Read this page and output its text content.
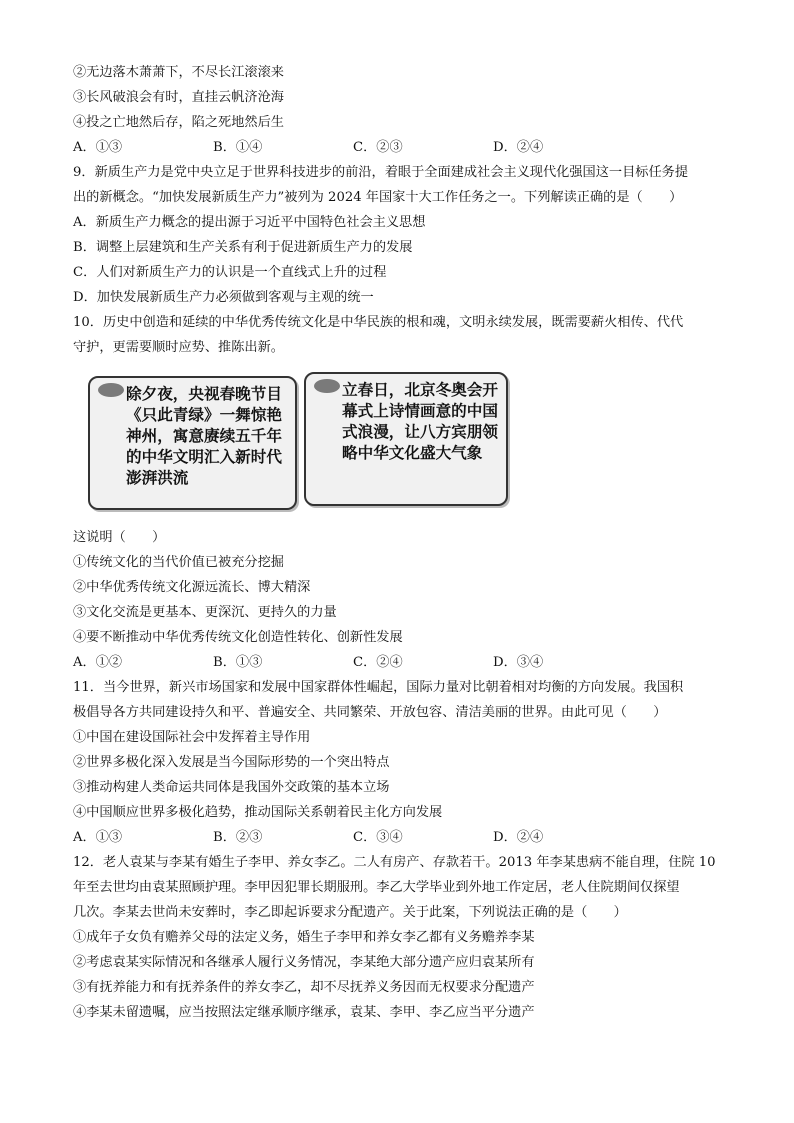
②无边落木萧萧下，不尽长江滚滚来
③长风破浪会有时，直挂云帆济沧海
④投之亡地然后存，陷之死地然后生
A．①③	B．①④	C．②③	D．②④
9．新质生产力是党中央立足于世界科技进步的前沿，着眼于全面建成社会主义现代化强国这一目标任务提
出的新概念。“加快发展新质生产力”被列为 2024 年国家十大工作任务之一。下列解读正确的是（　　）
A．新质生产力概念的提出源于习近平中国特色社会主义思想
B．调整上层建筑和生产关系有利于促进新质生产力的发展
C．人们对新质生产力的认识是一个直线式上升的过程
D．加快发展新质生产力必须做到客观与主观的统一
10．历史中创造和延续的中华优秀传统文化是中华民族的根和魂，文明永续发展，既需要薪火相传、代代
守护，更需要顺时应势、推陈出新。
除夕夜，央视春晚节目《只此青绿》一舞惊艳神州，寓意赓续五千年的中华文明汇入新时代澎湃洪流
立春日，北京冬奥会开幕式上诗情画意的中国式浪漫，让八方宾朋领略中华文化盛大气象
这说明（　　）
①传统文化的当代价值已被充分挖掘
②中华优秀传统文化源远流长、博大精深
③文化交流是更基本、更深沉、更持久的力量
④要不断推动中华优秀传统文化创造性转化、创新性发展
A．①②	B．①③	C．②④	D．③④
11．当今世界，新兴市场国家和发展中国家群体性崛起，国际力量对比朝着相对均衡的方向发展。我国积
极倡导各方共同建设持久和平、普遍安全、共同繁荣、开放包容、清洁美丽的世界。由此可见（　　）
①中国在建设国际社会中发挥着主导作用
②世界多极化深入发展是当今国际形势的一个突出特点
③推动构建人类命运共同体是我国外交政策的基本立场
④中国顺应世界多极化趋势，推动国际关系朝着民主化方向发展
A．①③	B．②③	C．③④	D．②④
12．老人袁某与李某有婚生子李甲、养女李乙。二人有房产、存款若干。2013 年李某患病不能自理，住院 10
年至去世均由袁某照顾护理。李甲因犯罪长期服刑。李乙大学毕业到外地工作定居，老人住院期间仅探望
几次。李某去世尚未安葬时，李乙即起诉要求分配遗产。关于此案，下列说法正确的是（　　）
①成年子女负有赡养父母的法定义务，婚生子李甲和养女李乙都有义务赡养李某
②考虑袁某实际情况和各继承人履行义务情况，李某绝大部分遗产应归袁某所有
③有抚养能力和有抚养条件的养女李乙，却不尽抚养义务因而无权要求分配遗产
④李某未留遗嘱，应当按照法定继承顺序继承，袁某、李甲、李乙应当平分遗产
